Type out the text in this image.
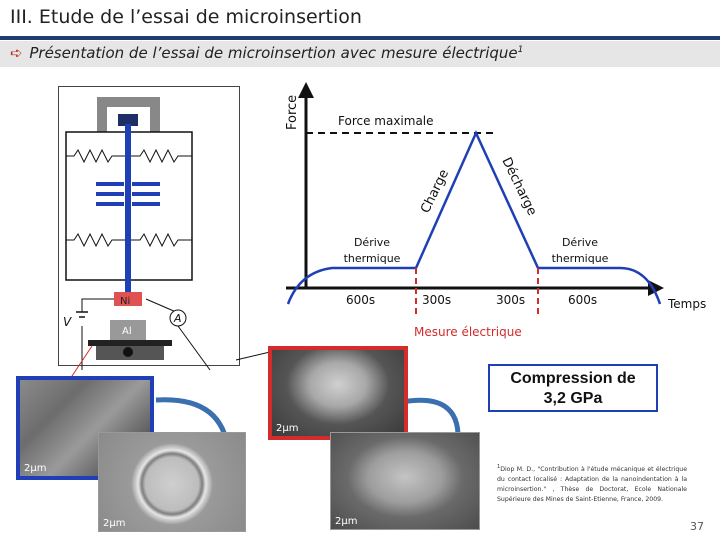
III. Etude de l’essai de microinsertion
➪ Présentation de l’essai de microinsertion avec mesure électrique$^1$
A
V
Ni
Al
Force	Force maximale
Charge	Décharge
Dérive
thermique
Dérive
thermique
600s	300s	300s	600s	Temps
Mesure électrique
2µm
2µm
2µm
2µm
Compression de
3,2 GPa
$^1$Diop M. D., "Contribution à l'étude mécanique et électrique du contact localisé : Adaptation de la nanoindentation à la microinsertion." , Thèse de Doctorat, Ecole Nationale Supérieure des Mines de Saint-Etienne, France, 2009.
37
